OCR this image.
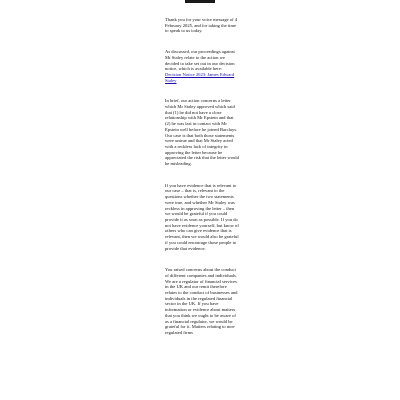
Thank you for your voice message of 4 February 2025, and for taking the time to speak to us today.

As discussed, our proceedings against Mr Staley relate to the action we decided to take set out in our decision notice, which is available here: Decision Notice 2023: James Edward Staley

In brief, our action concerns a letter which Mr Staley approved which said that (1) he did not have a close relationship with Mr Epstein and that (2) he was last in contact with Mr Epstein well before he joined Barclays. Our case is that both those statements were untrue and that Mr Staley acted with a reckless lack of integrity in approving the letter because he appreciated the risk that the letter would be misleading.

If you have evidence that is relevant to our case – that is, relevant to the questions whether the two statements were true, and whether Mr Staley was reckless in approving the letter – then we would be grateful if you could provide it as soon as possible. If you do not have evidence yourself, but know of others who can give evidence that is relevant, then we would also be grateful if you could encourage those people to provide that evidence.

You raised concerns about the conduct of different companies and individuals. We are a regulator of financial services in the UK and our remit therefore relates to the conduct of businesses and individuals in the regulated financial sector in the UK. If you have information or evidence about matters that you think we ought to be aware of as a financial regulator, we would be grateful for it. Matters relating to non-regulated firms
